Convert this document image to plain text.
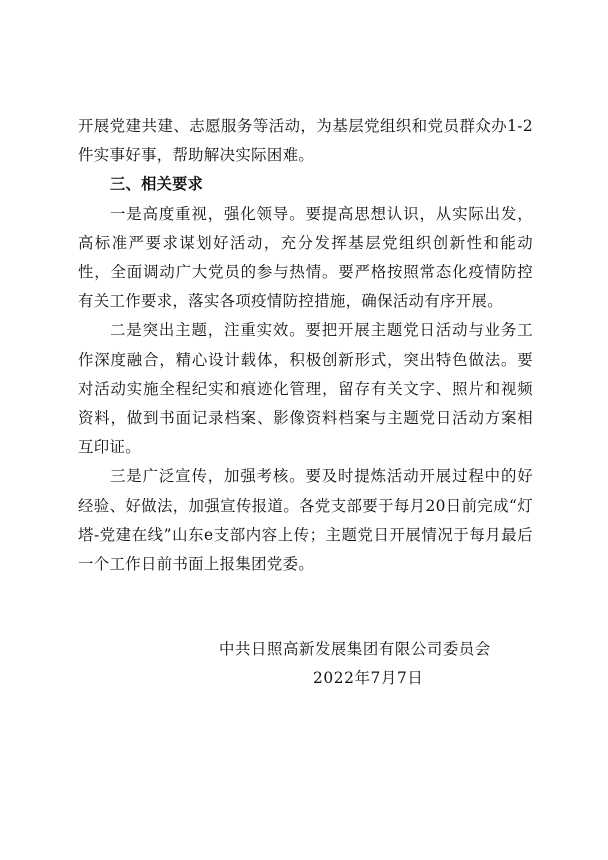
开展党建共建、志愿服务等活动，为基层党组织和党员群众办1-2件实事好事，帮助解决实际困难。

三、相关要求

一是高度重视，强化领导。要提高思想认识，从实际出发，高标准严要求谋划好活动，充分发挥基层党组织创新性和能动性，全面调动广大党员的参与热情。要严格按照常态化疫情防控有关工作要求，落实各项疫情防控措施，确保活动有序开展。

二是突出主题，注重实效。要把开展主题党日活动与业务工作深度融合，精心设计载体，积极创新形式，突出特色做法。要对活动实施全程纪实和痕迹化管理，留存有关文字、照片和视频资料，做到书面记录档案、影像资料档案与主题党日活动方案相互印证。

三是广泛宣传，加强考核。要及时提炼活动开展过程中的好经验、好做法，加强宣传报道。各党支部要于每月20日前完成“灯塔-党建在线”山东e支部内容上传；主题党日开展情况于每月最后一个工作日前书面上报集团党委。

中共日照高新发展集团有限公司委员会
2022年7月7日
